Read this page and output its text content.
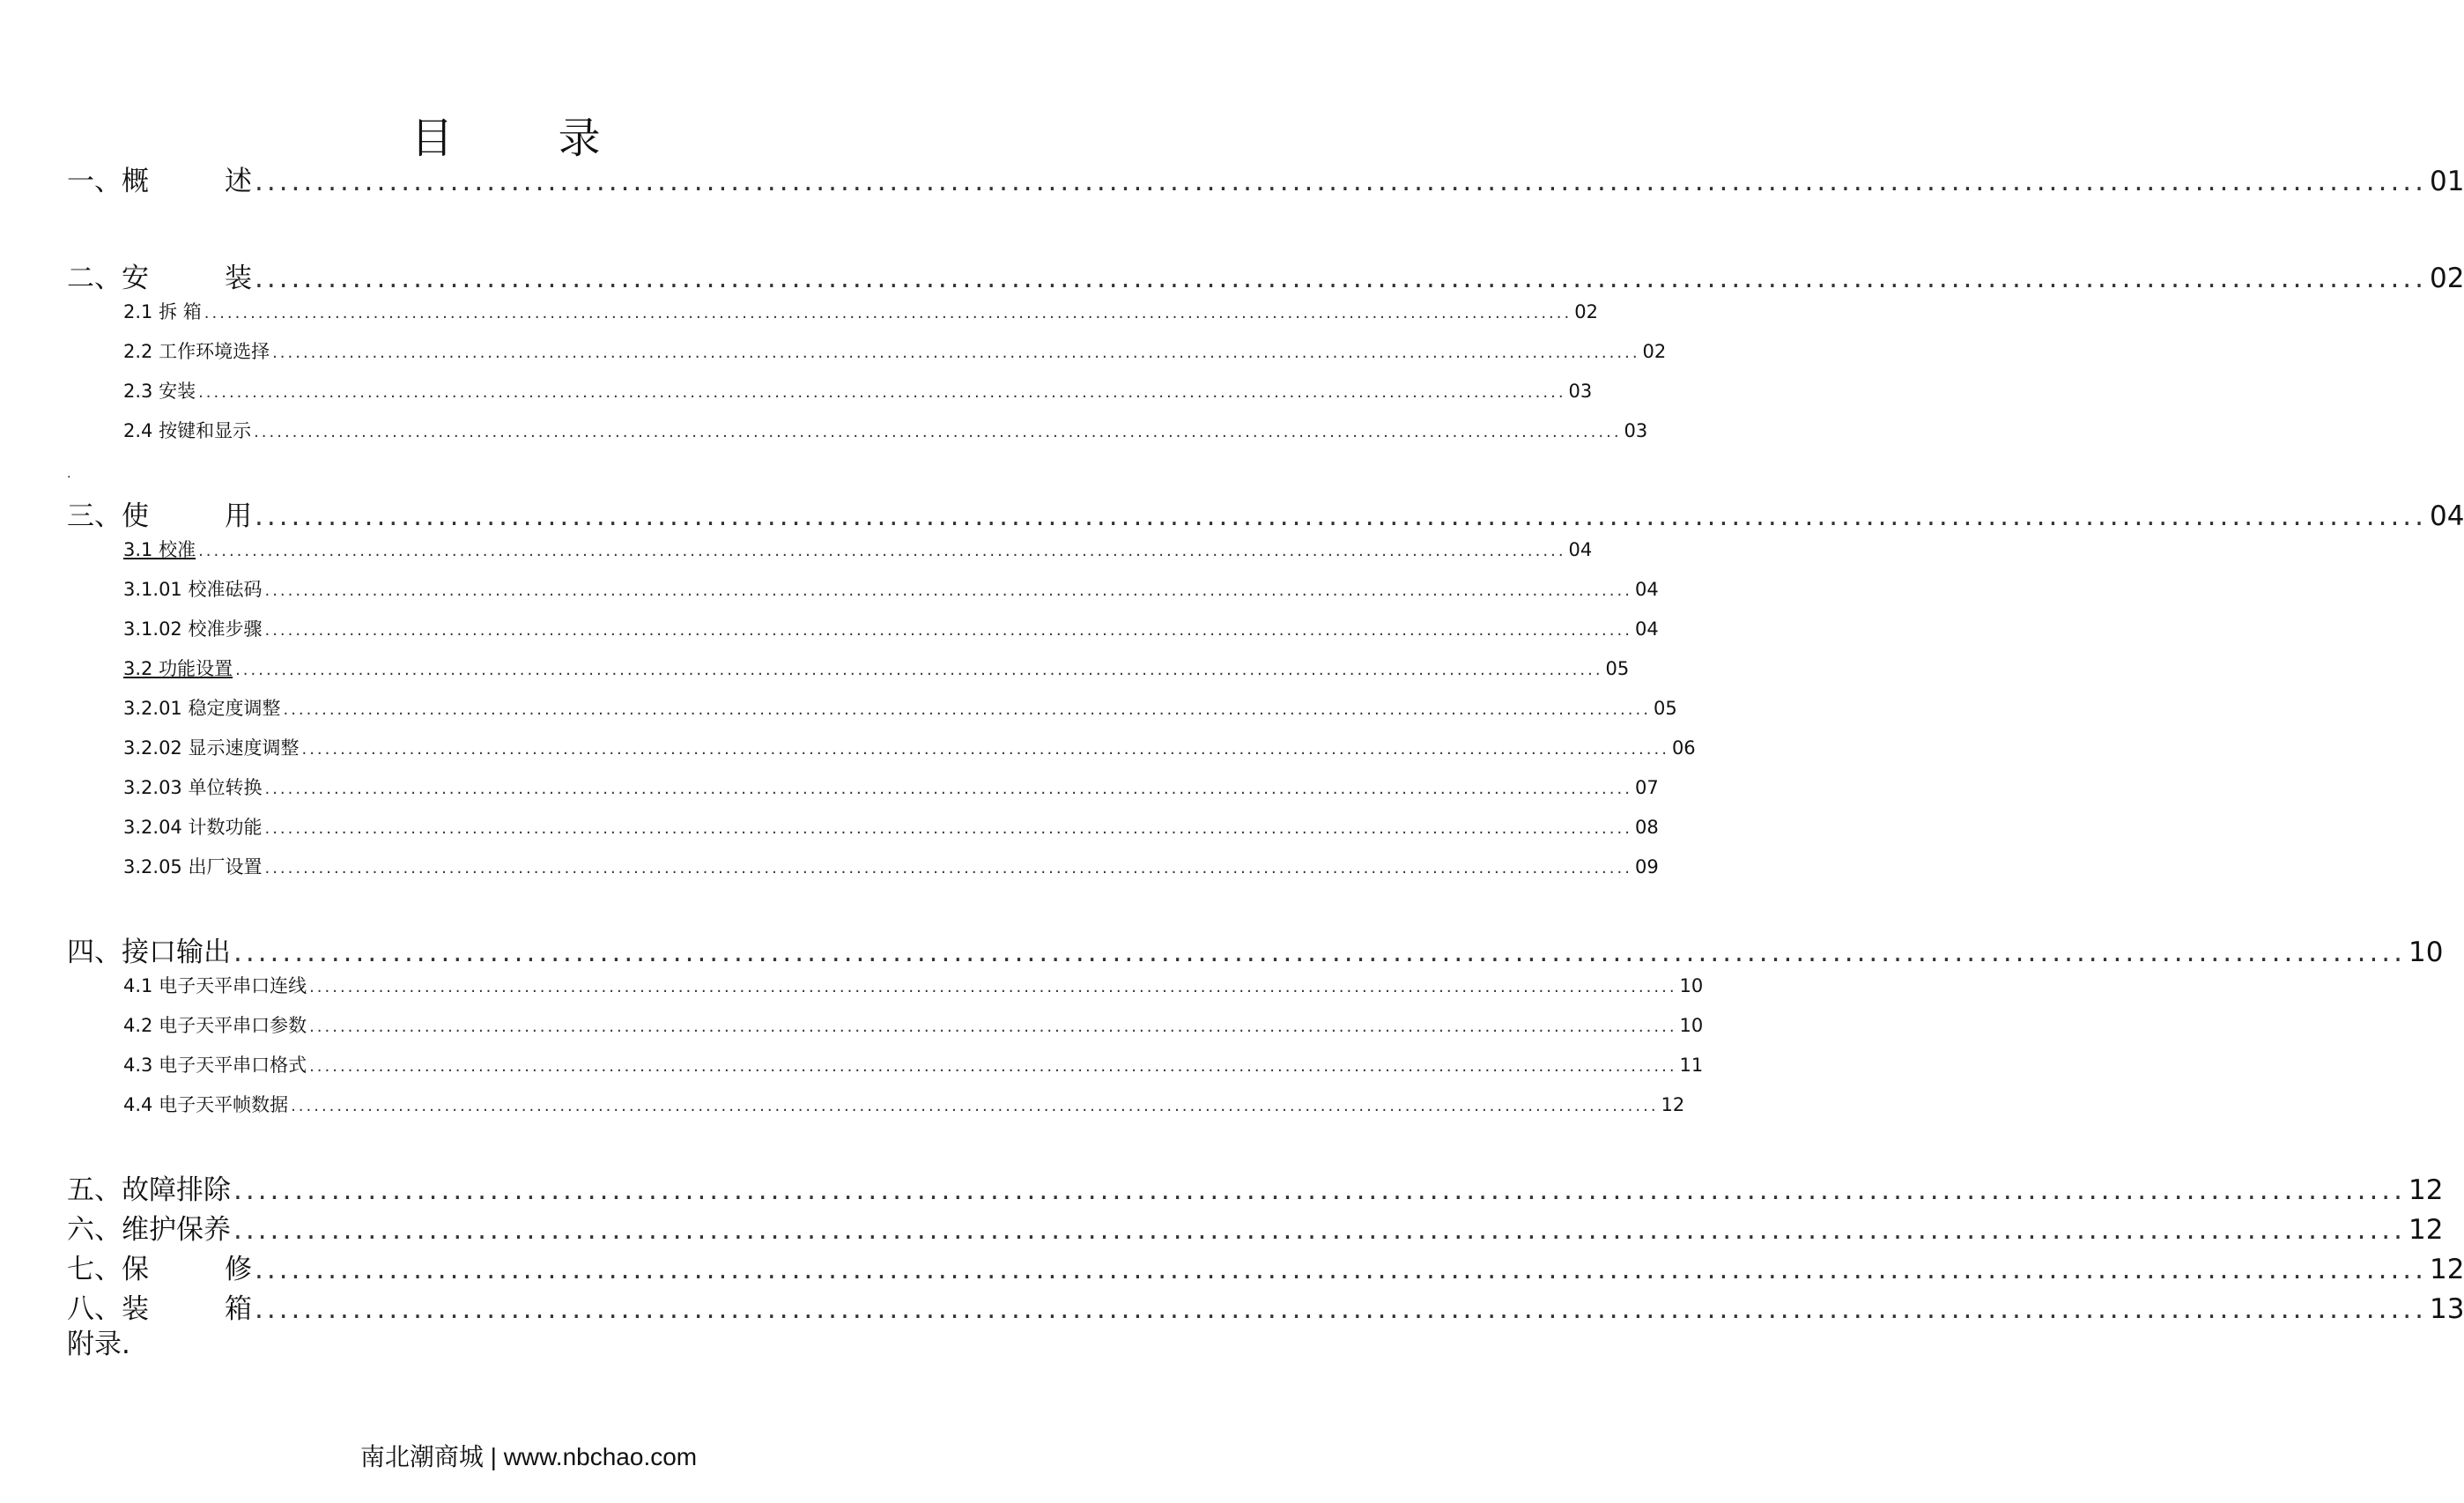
目 录
一、概	述 .................................................................................................................................................................................. 01
二、安	装 .................................................................................................................................................................................. 02
2.1 拆 箱 .................................................................................................................................................................................. 02
2.2 工作环境选择 .................................................................................................................................................................................. 02
2.3 安装 .................................................................................................................................................................................. 03
2.4 按键和显示 .................................................................................................................................................................................. 03
.
三、使	用 .................................................................................................................................................................................. 04
3.1 校准 .................................................................................................................................................................................. 04
3.1.01 校准砝码 .................................................................................................................................................................................. 04
3.1.02 校准步骤 .................................................................................................................................................................................. 04
3.2 功能设置 .................................................................................................................................................................................. 05
3.2.01 稳定度调整 .................................................................................................................................................................................. 05
3.2.02 显示速度调整 .................................................................................................................................................................................. 06
3.2.03 单位转换 .................................................................................................................................................................................. 07
3.2.04 计数功能 .................................................................................................................................................................................. 08
3.2.05 出厂设置 .................................................................................................................................................................................. 09
四、接口输出 .................................................................................................................................................................................. 10
4.1 电子天平串口连线 .................................................................................................................................................................................. 10
4.2 电子天平串口参数 .................................................................................................................................................................................. 10
4.3 电子天平串口格式 .................................................................................................................................................................................. 11
4.4 电子天平帧数据 .................................................................................................................................................................................. 12
五、故障排除 .................................................................................................................................................................................. 12
六、维护保养 .................................................................................................................................................................................. 12
七、保	修 .................................................................................................................................................................................. 12
八、装	箱 .................................................................................................................................................................................. 13
附录.
南北潮商城 | www.nbchao.com
